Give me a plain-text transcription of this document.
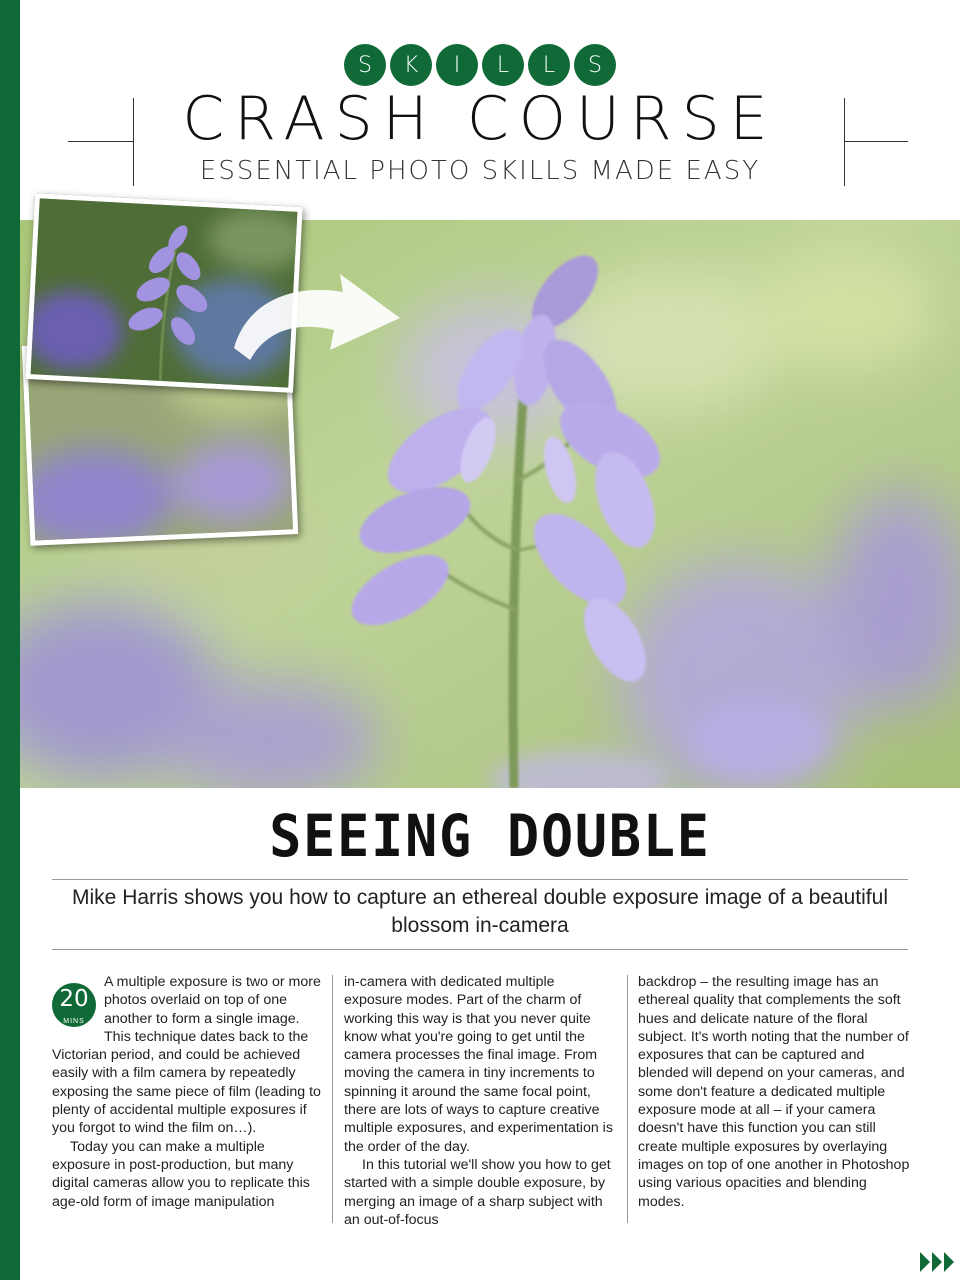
S	K	I	L	L	S
CRASH COURSE
ESSENTIAL PHOTO SKILLS MADE EASY
SEEING DOUBLE
Mike Harris shows you how to capture an ethereal double exposure image of a beautiful blossom in-camera
20
MINS

A multiple exposure is two or more photos overlaid on top of one another to form a single image. This technique dates back to the Victorian period, and could be achieved easily with a film camera by repeatedly exposing the same piece of film (leading to plenty of accidental multiple exposures if you forgot to wind the film on…).

Today you can make a multiple exposure in post-production, but many digital cameras allow you to replicate this age-old form of image manipulation

in-camera with dedicated multiple exposure modes. Part of the charm of working this way is that you never quite know what you're going to get until the camera processes the final image. From moving the camera in tiny increments to spinning it around the same focal point, there are lots of ways to capture creative multiple exposures, and experimentation is the order of the day.

In this tutorial we'll show you how to get started with a simple double exposure, by merging an image of a sharp subject with an out-of-focus

backdrop – the resulting image has an ethereal quality that complements the soft hues and delicate nature of the floral subject. It's worth noting that the number of exposures that can be captured and blended will depend on your cameras, and some don't feature a dedicated multiple exposure mode at all – if your camera doesn't have this function you can still create multiple exposures by overlaying images on top of one another in Photoshop using various opacities and blending modes.
